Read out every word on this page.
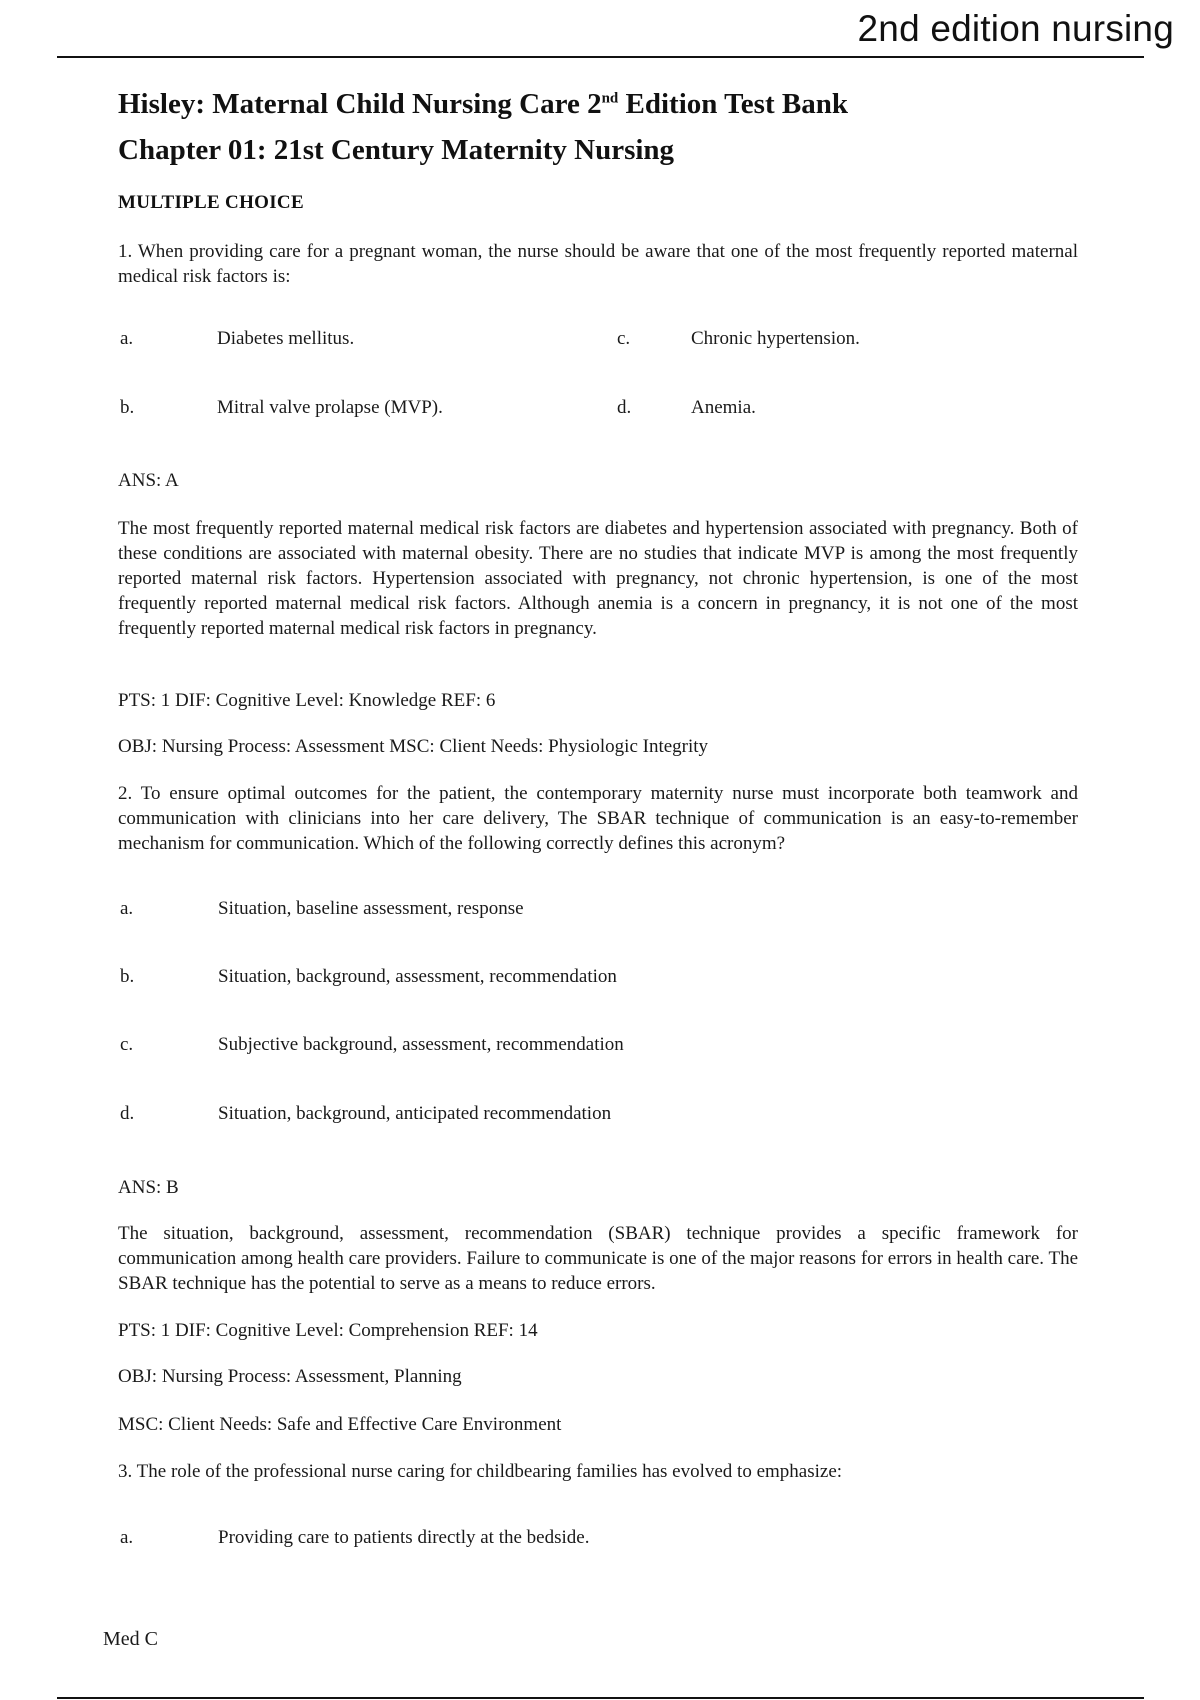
2nd edition nursing
Hisley: Maternal Child Nursing Care 2nd Edition Test Bank
Chapter 01: 21st Century Maternity Nursing
MULTIPLE CHOICE
1. When providing care for a pregnant woman, the nurse should be aware that one of the most frequently reported maternal medical risk factors is:
a.	Diabetes mellitus.	c.	Chronic hypertension.
b.	Mitral valve prolapse (MVP).	d.	Anemia.
ANS: A
The most frequently reported maternal medical risk factors are diabetes and hypertension associated with pregnancy. Both of these conditions are associated with maternal obesity. There are no studies that indicate MVP is among the most frequently reported maternal risk factors. Hypertension associated with pregnancy, not chronic hypertension, is one of the most frequently reported maternal medical risk factors. Although anemia is a concern in pregnancy, it is not one of the most frequently reported maternal medical risk factors in pregnancy.
PTS: 1 DIF: Cognitive Level: Knowledge REF: 6
OBJ: Nursing Process: Assessment MSC: Client Needs: Physiologic Integrity
2. To ensure optimal outcomes for the patient, the contemporary maternity nurse must incorporate both teamwork and communication with clinicians into her care delivery, The SBAR technique of communication is an easy-to-remember mechanism for communication. Which of the following correctly defines this acronym?
a.	Situation, baseline assessment, response
b.	Situation, background, assessment, recommendation
c.	Subjective background, assessment, recommendation
d.	Situation, background, anticipated recommendation
ANS: B
The situation, background, assessment, recommendation (SBAR) technique provides a specific framework for communication among health care providers. Failure to communicate is one of the major reasons for errors in health care. The SBAR technique has the potential to serve as a means to reduce errors.
PTS: 1 DIF: Cognitive Level: Comprehension REF: 14
OBJ: Nursing Process: Assessment, Planning
MSC: Client Needs: Safe and Effective Care Environment
3. The role of the professional nurse caring for childbearing families has evolved to emphasize:
a.	Providing care to patients directly at the bedside.
Med C
